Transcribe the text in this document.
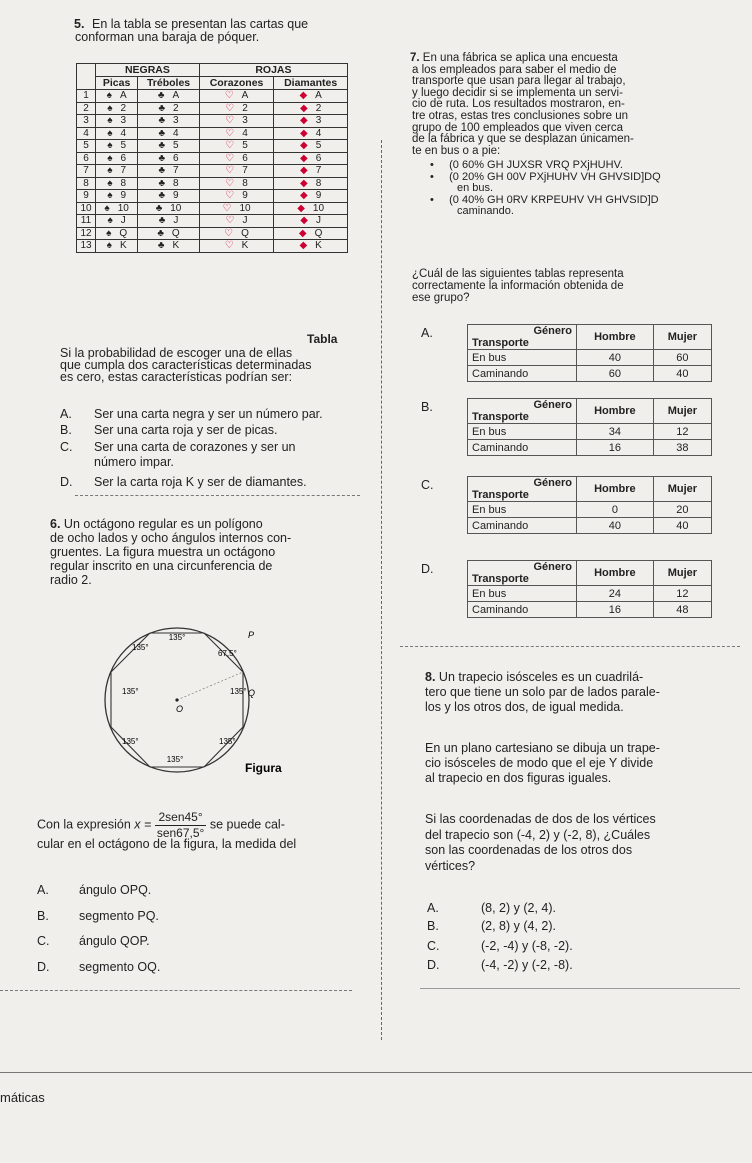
5. En la tabla se presentan las cartas que
conforman una baraja de póquer.
	NEGRAS		ROJAS	
	Picas	Tréboles	Corazones	Diamantes
1	♠ A	♣ A	♡ A	◆ A
2	♠ 2	♣ 2	♡ 2	◆ 2
3	♠ 3	♣ 3	♡ 3	◆ 3
4	♠ 4	♣ 4	♡ 4	◆ 4
5	♠ 5	♣ 5	♡ 5	◆ 5
6	♠ 6	♣ 6	♡ 6	◆ 6
7	♠ 7	♣ 7	♡ 7	◆ 7
8	♠ 8	♣ 8	♡ 8	◆ 8
9	♠ 9	♣ 9	♡ 9	◆ 9
10	♠ 10	♣ 10	♡ 10	◆ 10
11	♠ J	♣ J	♡ J	◆ J
12	♠ Q	♣ Q	♡ Q	◆ Q
13	♠ K	♣ K	♡ K	◆ K
Tabla
Si la probabilidad de escoger una de ellas
que cumpla dos características determinadas
es cero, estas características podrían ser:
A. Ser una carta negra y ser un número par.
B. Ser una carta roja y ser de picas.
C. Ser una carta de corazones y ser un
número impar.
D. Ser la carta roja K y ser de diamantes.
6. Un octágono regular es un polígono
de ocho lados y ocho ángulos internos con-
gruentes. La figura muestra un octágono
regular inscrito en una circunferencia de
radio 2.
135°
135°
67,5°
135°	135°
135°	135°
135°
P
Q
O
Figura
Con la expresión $x = \frac{\text{2sen45°}}{\text{sen67,5°}}$ se puede cal-
cular en el octágono de la figura, la medida del
A. ángulo OPQ.
B. segmento PQ.
C. ángulo QOP.
D. segmento OQ.
7. En una fábrica se aplica una encuesta
a los empleados para saber el medio de
transporte que usan para llegar al trabajo,
y luego decidir si se implementa un servi-
cio de ruta. Los resultados mostraron, en-
tre otras, estas tres conclusiones sobre un
grupo de 100 empleados que viven cerca
de la fábrica y que se desplazan únicamen-
te en bus o a pie:
•     (0 60% GH JUXSR VRQ PXjHUHV.
•     (0 20% GH 00V PXjHUHV VH GHVSID]DQ
en bus.
•     (0 40% GH 0RV KRPEUHV VH GHVSID]D
caminando.
¿Cuál de las siguientes tablas representa
correctamente la información obtenida de
ese grupo?
A.	Género
Transporte	Hombre	Mujer
En bus	40	60
Caminando	60	40
B.	Género
Transporte	Hombre	Mujer
En bus	34	12
Caminando	16	38
C.	Género
Transporte	Hombre	Mujer
En bus	0	20
Caminando	40	40
D.	Género
Transporte	Hombre	Mujer
En bus	24	12
Caminando	16	48
8. Un trapecio isósceles es un cuadrilá-
tero que tiene un solo par de lados parale-
los y los otros dos, de igual medida.
En un plano cartesiano se dibuja un trape-
cio isósceles de modo que el eje Y divide
al trapecio en dos figuras iguales.
Si las coordenadas de dos de los vértices
del trapecio son (-4, 2) y (-2, 8), ¿Cuáles
son las coordenadas de los otros dos
vértices?
A.	(8, 2) y (2, 4).
B.	(2, 8) y (4, 2).
C.	(-2, -4) y (-8, -2).
D.	(-4, -2) y (-2, -8).
máticas
